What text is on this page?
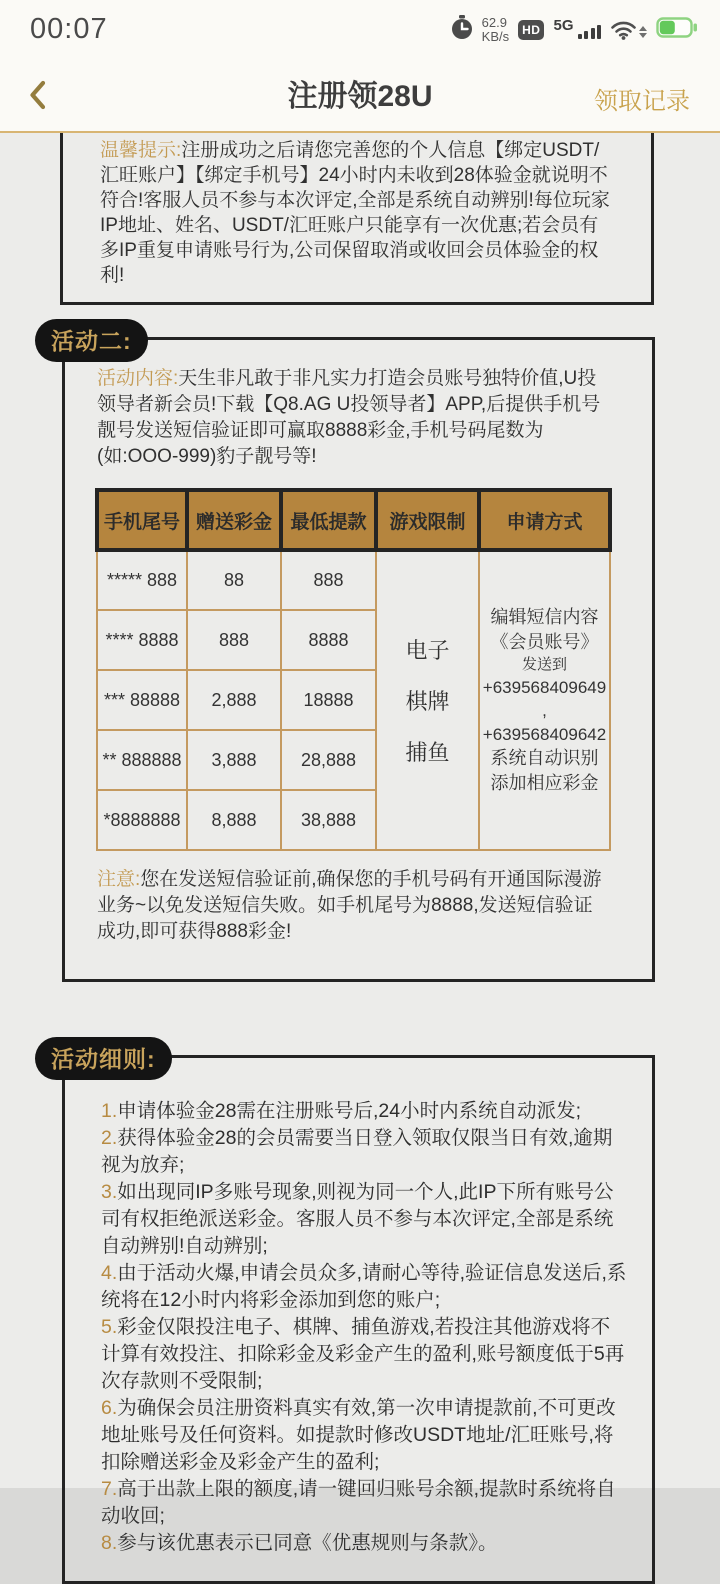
00:07	62.9
KB/s	HD 5G
注册领28U	领取记录
温馨提示:注册成功之后请您完善您的个人信息【绑定USDT/汇旺账户】【绑定手机号】24小时内未收到28体验金就说明不符合!客服人员不参与本次评定,全部是系统自动辨别!每位玩家IP地址、姓名、USDT/汇旺账户只能享有一次优惠;若会员有多IP重复申请账号行为,公司保留取消或收回会员体验金的权利!
活动二:

活动内容:天生非凡敢于非凡实力打造会员账号独特价值,U投领导者新会员!下载【Q8.AG U投领导者】APP,后提供手机号靓号发送短信验证即可赢取8888彩金,手机号码尾数为(如:OOO-999)豹子靓号等!

手机尾号	赠送彩金	最低提款	游戏限制	申请方式
***** 888	88	888	
电子
棋牌
捕鱼

编辑短信内容
《会员账号》
发送到
+639568409649 ,
+639568409642
系统自动识别
添加相应彩金

**** 8888	888	8888		
*** 88888	2,888	18888		
** 888888	3,888	28,888		
*8888888	8,888	38,888		

注意:您在发送短信验证前,确保您的手机号码有开通国际漫游业务~以免发送短信失败。如手机尾号为8888,发送短信验证成功,即可获得888彩金!

活动细则:

1.申请体验金28需在注册账号后,24小时内系统自动派发;

2.获得体验金28的会员需要当日登入领取仅限当日有效,逾期视为放弃;

3.如出现同IP多账号现象,则视为同一个人,此IP下所有账号公司有权拒绝派送彩金。客服人员不参与本次评定,全部是系统自动辨别!自动辨别;

4.由于活动火爆,申请会员众多,请耐心等待,验证信息发送后,系统将在12小时内将彩金添加到您的账户;

5.彩金仅限投注电子、棋牌、捕鱼游戏,若投注其他游戏将不计算有效投注、扣除彩金及彩金产生的盈利,账号额度低于5再次存款则不受限制;

6.为确保会员注册资料真实有效,第一次申请提款前,不可更改地址账号及任何资料。如提款时修改USDT地址/汇旺账号,将扣除赠送彩金及彩金产生的盈利;

7.高于出款上限的额度,请一键回归账号余额,提款时系统将自动收回;

8.参与该优惠表示已同意《优惠规则与条款》。
